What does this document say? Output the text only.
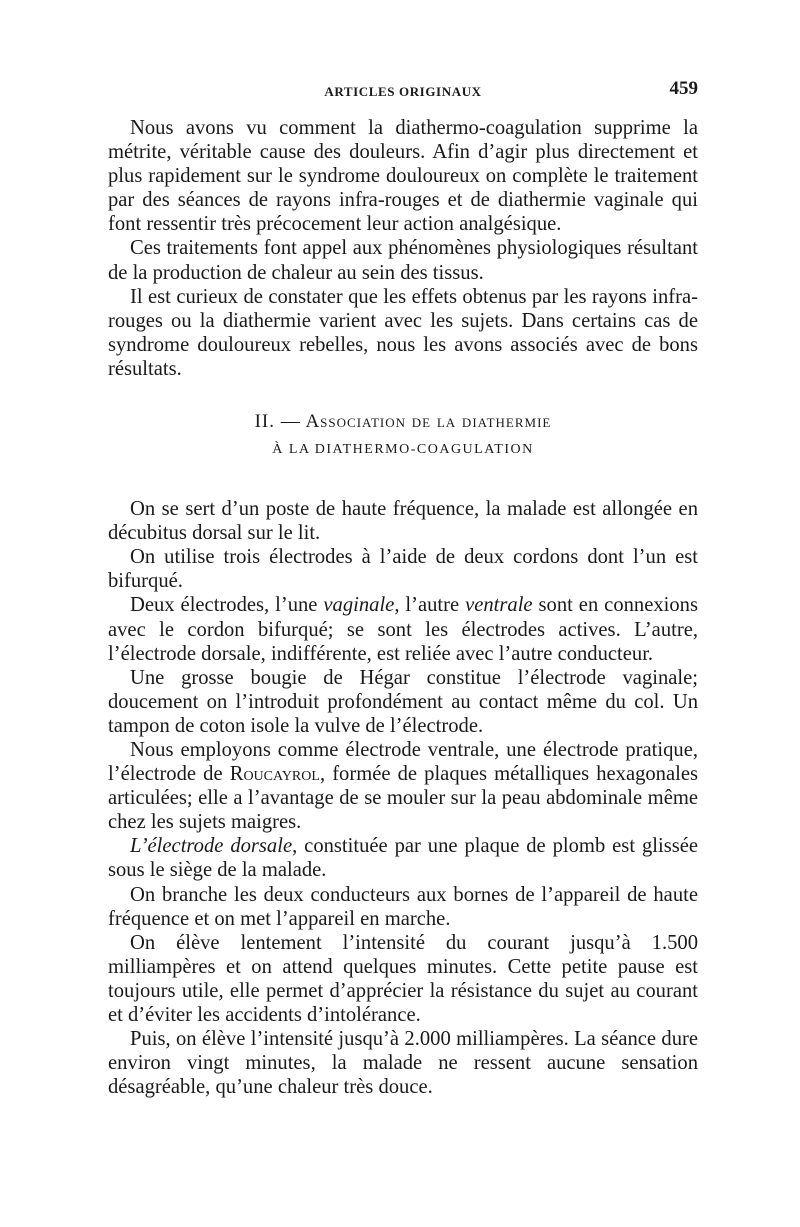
ARTICLES ORIGINAUX	459

Nous avons vu comment la diathermo-coagulation supprime la métrite, véritable cause des douleurs. Afin d’agir plus directement et plus rapidement sur le syndrome douloureux on complète le traitement par des séances de rayons infra-rouges et de diathermie vaginale qui font ressentir très précocement leur action analgésique.

Ces traitements font appel aux phénomènes physiologiques résultant de la production de chaleur au sein des tissus.

Il est curieux de constater que les effets obtenus par les rayons infra-rouges ou la diathermie varient avec les sujets. Dans certains cas de syndrome douloureux rebelles, nous les avons associés avec de bons résultats.

II. — Association de la diathermie
À LA DIATHERMO-COAGULATION

On se sert d’un poste de haute fréquence, la malade est allongée en décubitus dorsal sur le lit.

On utilise trois électrodes à l’aide de deux cordons dont l’un est bifurqué.

Deux électrodes, l’une vaginale, l’autre ventrale sont en connexions avec le cordon bifurqué; se sont les électrodes actives. L’autre, l’électrode dorsale, indifférente, est reliée avec l’autre conducteur.

Une grosse bougie de Hégar constitue l’électrode vaginale; doucement on l’introduit profondément au contact même du col. Un tampon de coton isole la vulve de l’électrode.

Nous employons comme électrode ventrale, une électrode pratique, l’électrode de Roucayrol, formée de plaques métalliques hexagonales articulées; elle a l’avantage de se mouler sur la peau abdominale même chez les sujets maigres.

L’électrode dorsale, constituée par une plaque de plomb est glissée sous le siège de la malade.

On branche les deux conducteurs aux bornes de l’appareil de haute fréquence et on met l’appareil en marche.

On élève lentement l’intensité du courant jusqu’à 1.500 milliampères et on attend quelques minutes. Cette petite pause est toujours utile, elle permet d’apprécier la résistance du sujet au courant et d’éviter les accidents d’intolérance.

Puis, on élève l’intensité jusqu’à 2.000 milliampères. La séance dure environ vingt minutes, la malade ne ressent aucune sensation désagréable, qu’une chaleur très douce.
